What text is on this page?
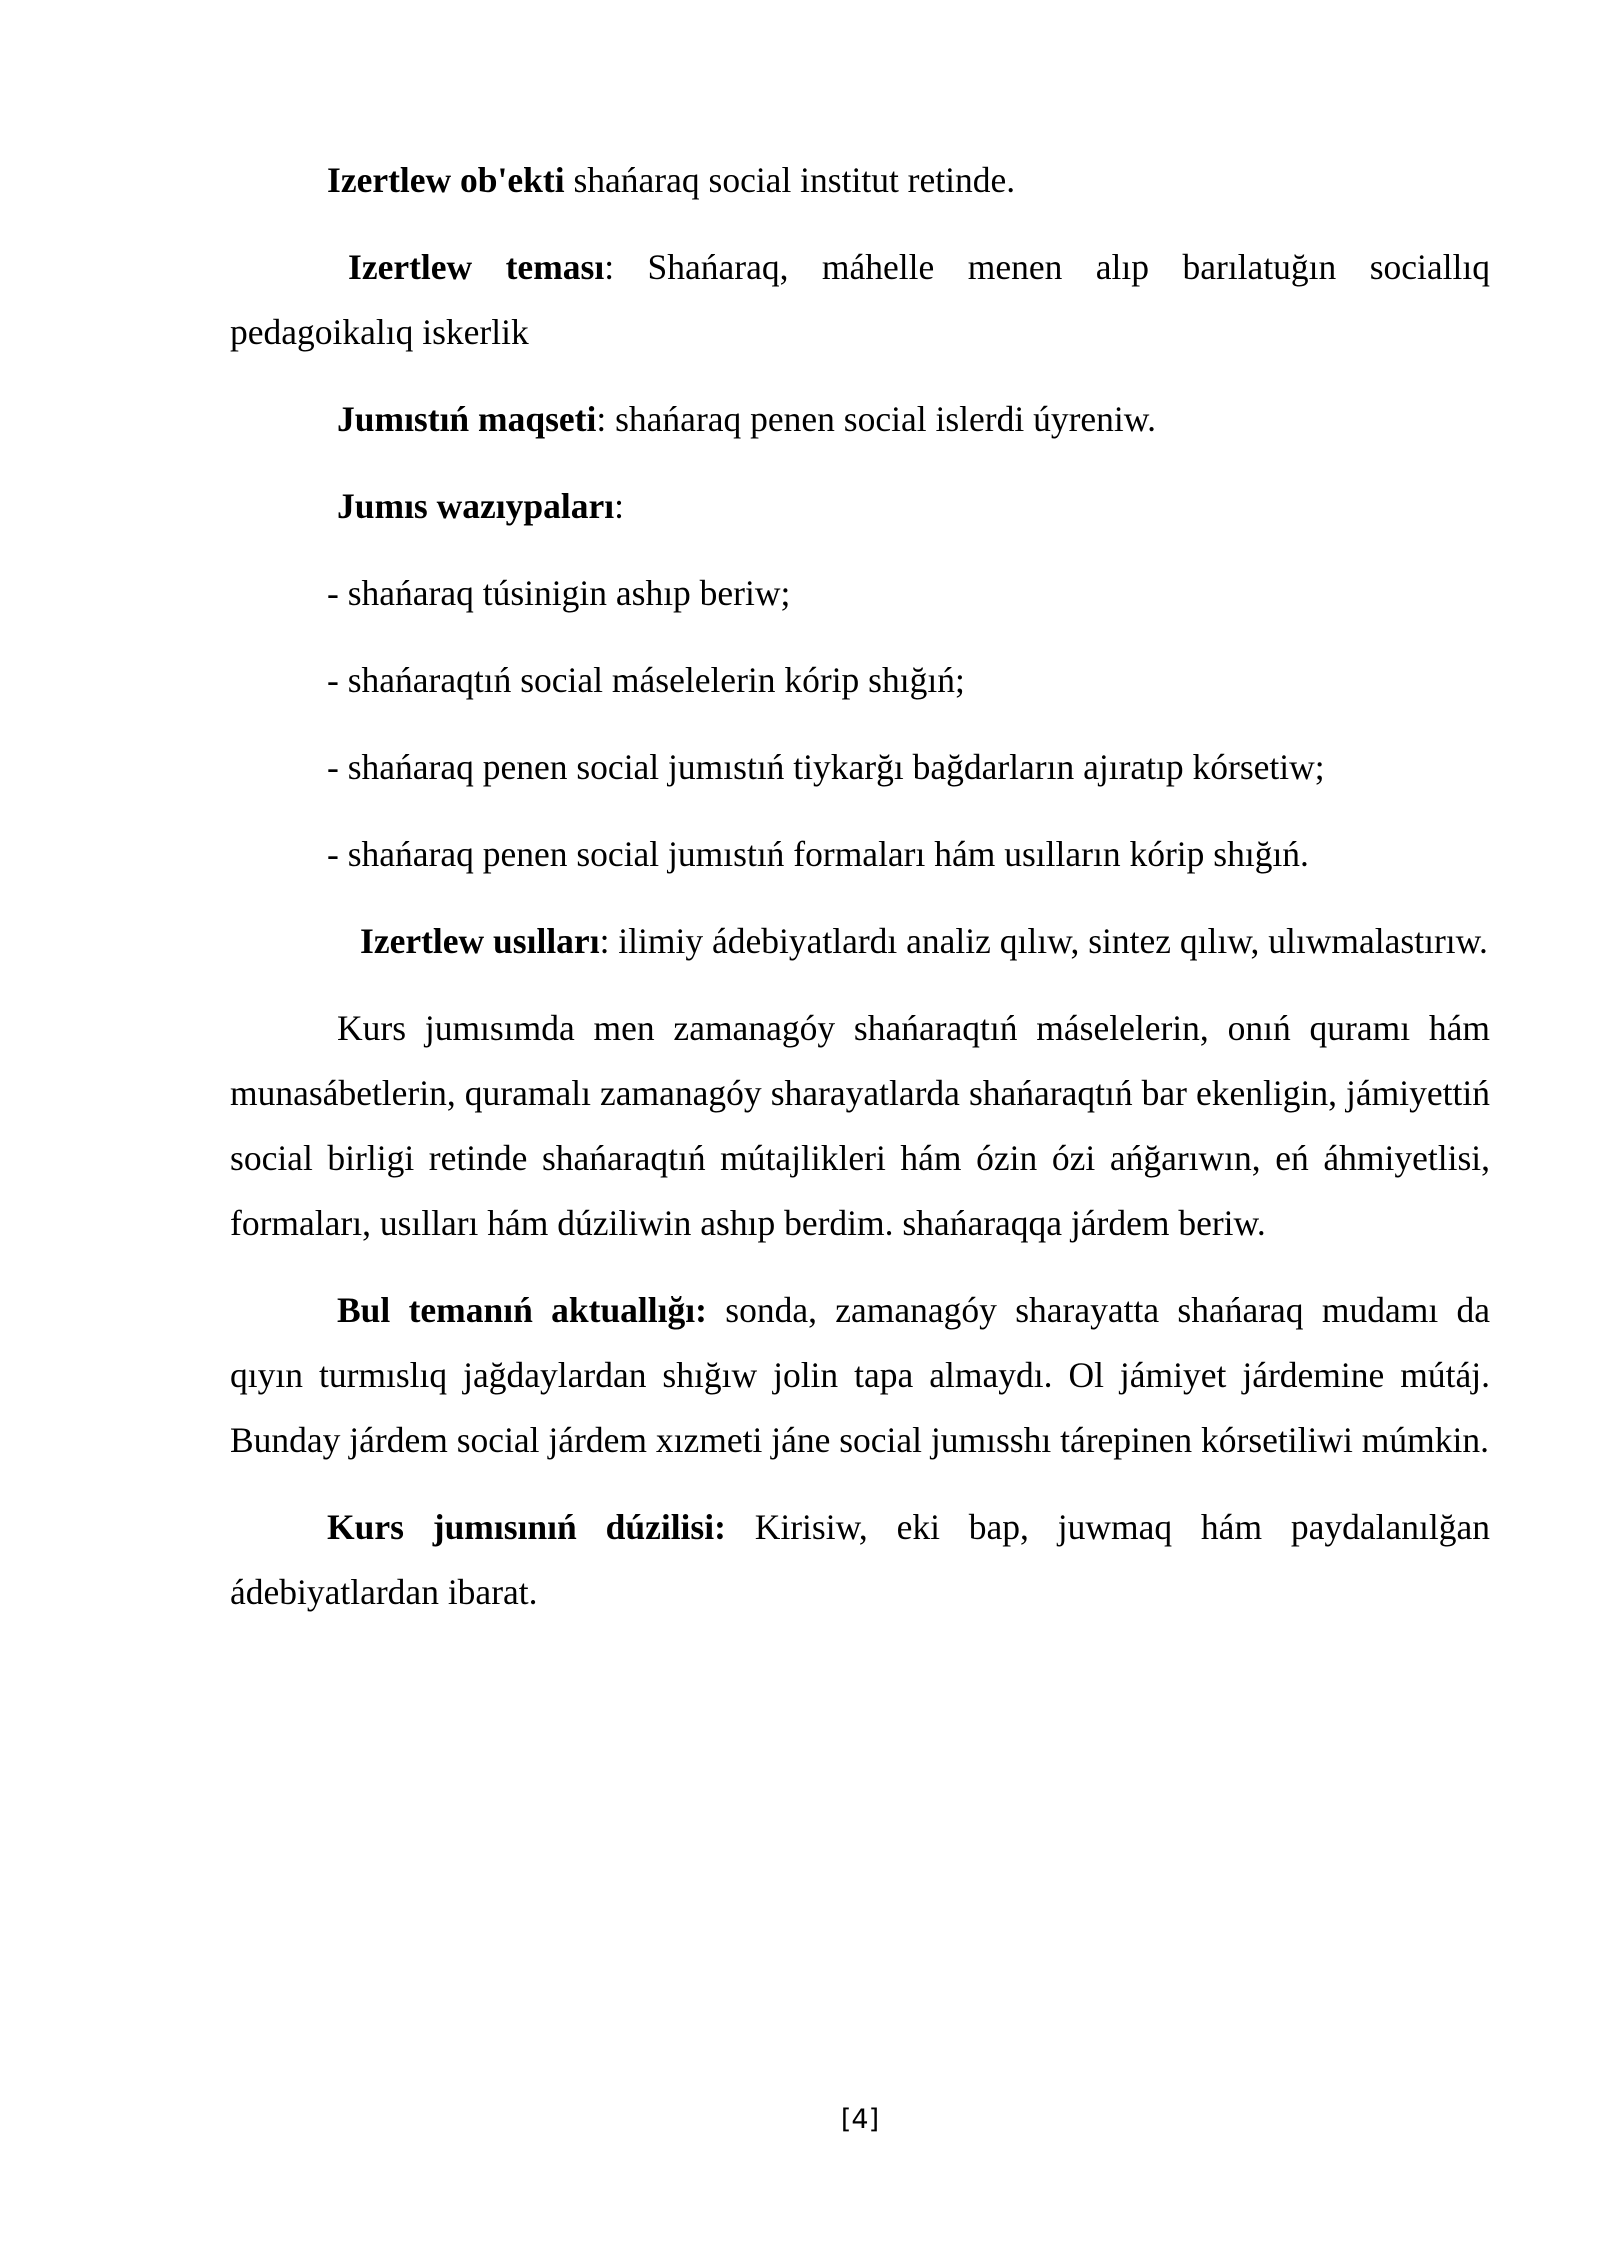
Izertlew ob'ekti shańaraq social institut retinde.

Izertlew teması: Shańaraq, máhelle menen alıp barılatuğın sociallıq pedagoikalıq iskerlik

Jumıstıń maqseti: shańaraq penen social islerdi úyreniw.

Jumıs wazıypaları:

- shańaraq túsinigin ashıp beriw;
- shańaraqtıń social máselelerin kórip shığıń;
- shańaraq penen social jumıstıń tiykarğı bağdarların ajıratıp kórsetiw;
- shańaraq penen social jumıstıń formaları hám usılların kórip shığıń.

Izertlew usılları: ilimiy ádebiyatlardı analiz qılıw, sintez qılıw, ulıwmalastırıw.

Kurs jumısımda men zamanagóy shańaraqtıń máselelerin, onıń quramı hám munasábetlerin, quramalı zamanagóy sharayatlarda shańaraqtıń bar ekenligin, jámiyettiń social birligi retinde shańaraqtıń mútajlikleri hám ózin ózi ańğarıwın, eń áhmiyetlisi, formaları, usılları hám dúziliwin ashıp berdim. shańaraqqa járdem beriw.

Bul temanıń aktuallığı: sonda, zamanagóy sharayatta shańaraq mudamı da qıyın turmıslıq jağdaylardan shığıw jolin tapa almaydı. Ol jámiyet járdemine mútáj. Bunday járdem social járdem xızmeti jáne social jumısshı tárepinen kórsetiliwi múmkin.

Kurs jumısınıń dúzilisi: Kirisiw, eki bap, juwmaq hám paydalanılğan ádebiyatlardan ibarat.

[4]
